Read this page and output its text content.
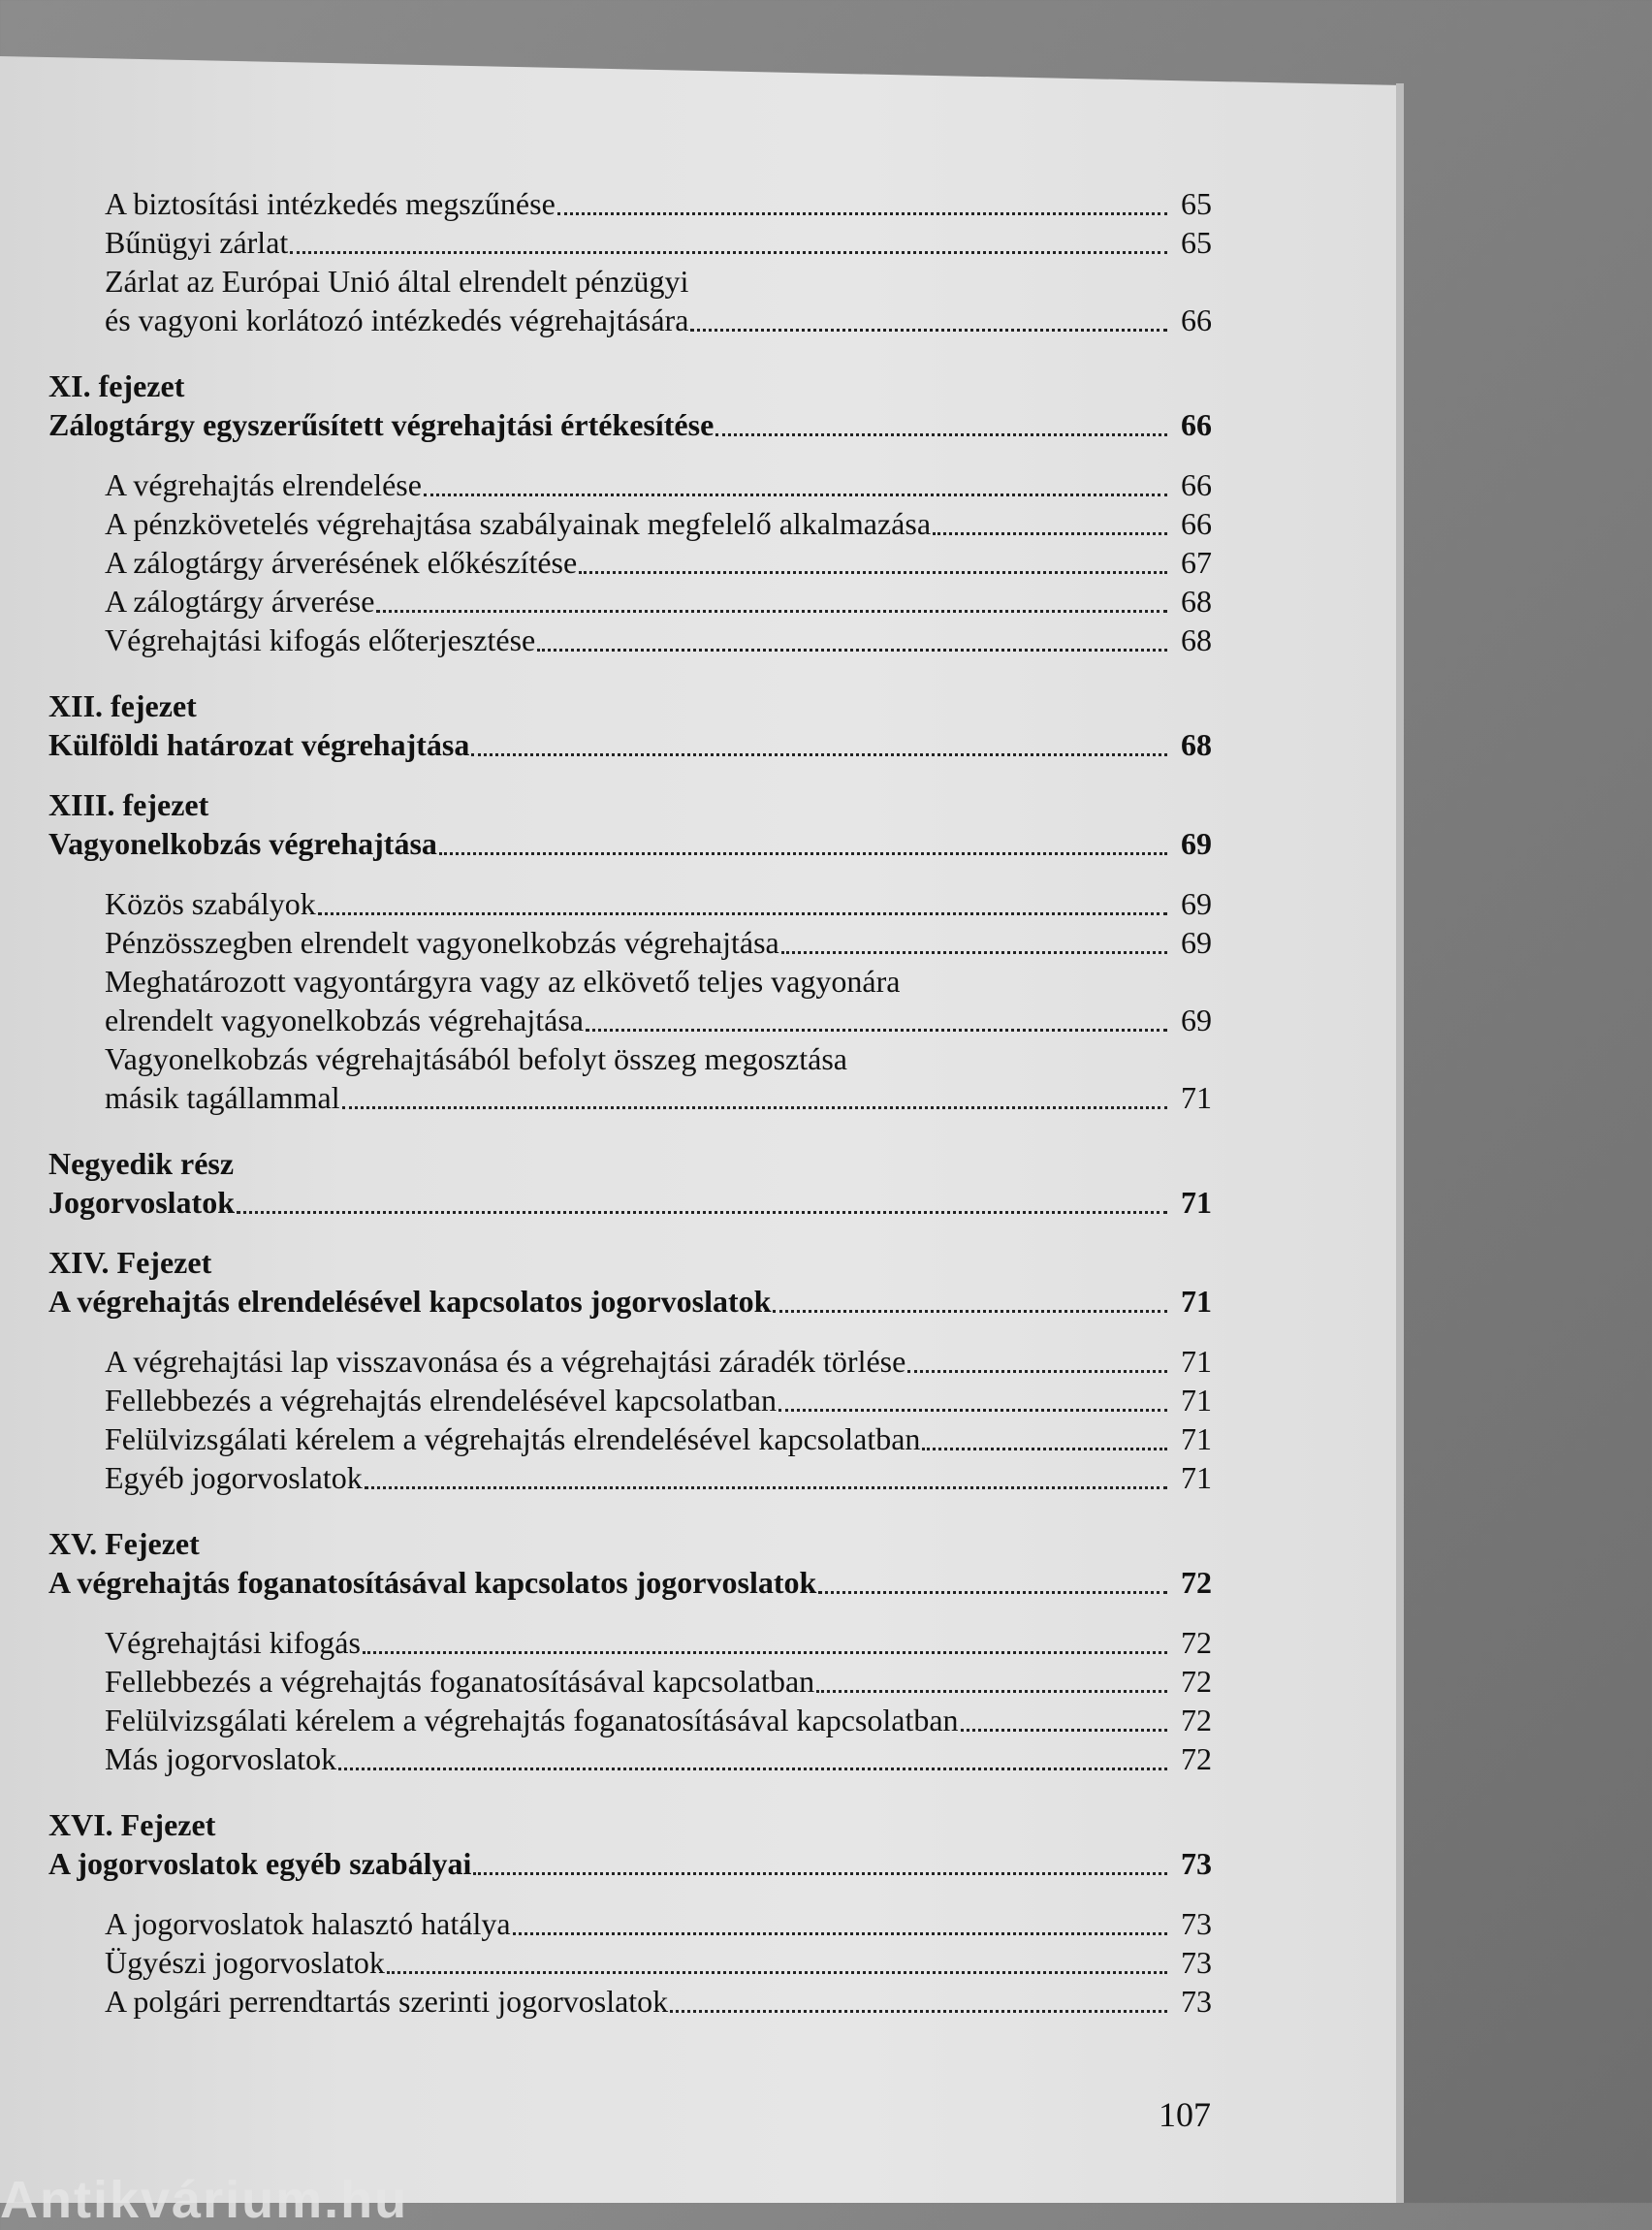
A biztosítási intézkedés megszűnése	65
Bűnügyi zárlat	65
Zárlat az Európai Unió által elrendelt pénzügyi
és vagyoni korlátozó intézkedés végrehajtására	66
XI. fejezet
Zálogtárgy egyszerűsített végrehajtási értékesítése	66
A végrehajtás elrendelése	66
A pénzkövetelés végrehajtása szabályainak megfelelő alkalmazása	66
A zálogtárgy árverésének előkészítése	67
A zálogtárgy árverése	68
Végrehajtási kifogás előterjesztése	68
XII. fejezet
Külföldi határozat végrehajtása	68
XIII. fejezet
Vagyonelkobzás végrehajtása	69
Közös szabályok	69
Pénzösszegben elrendelt vagyonelkobzás végrehajtása	69
Meghatározott vagyontárgyra vagy az elkövető teljes vagyonára
elrendelt vagyonelkobzás végrehajtása	69
Vagyonelkobzás végrehajtásából befolyt összeg megosztása
másik tagállammal	71
Negyedik rész
Jogorvoslatok	71
XIV. Fejezet
A végrehajtás elrendelésével kapcsolatos jogorvoslatok	71
A végrehajtási lap visszavonása és a végrehajtási záradék törlése	71
Fellebbezés a végrehajtás elrendelésével kapcsolatban	71
Felülvizsgálati kérelem a végrehajtás elrendelésével kapcsolatban	71
Egyéb jogorvoslatok	71
XV. Fejezet
A végrehajtás foganatosításával kapcsolatos jogorvoslatok	72
Végrehajtási kifogás	72
Fellebbezés a végrehajtás foganatosításával kapcsolatban	72
Felülvizsgálati kérelem a végrehajtás foganatosításával kapcsolatban	72
Más jogorvoslatok	72
XVI. Fejezet
A jogorvoslatok egyéb szabályai	73
A jogorvoslatok halasztó hatálya	73
Ügyészi jogorvoslatok	73
A polgári perrendtartás szerinti jogorvoslatok	73
107
Antikvárium.hu
